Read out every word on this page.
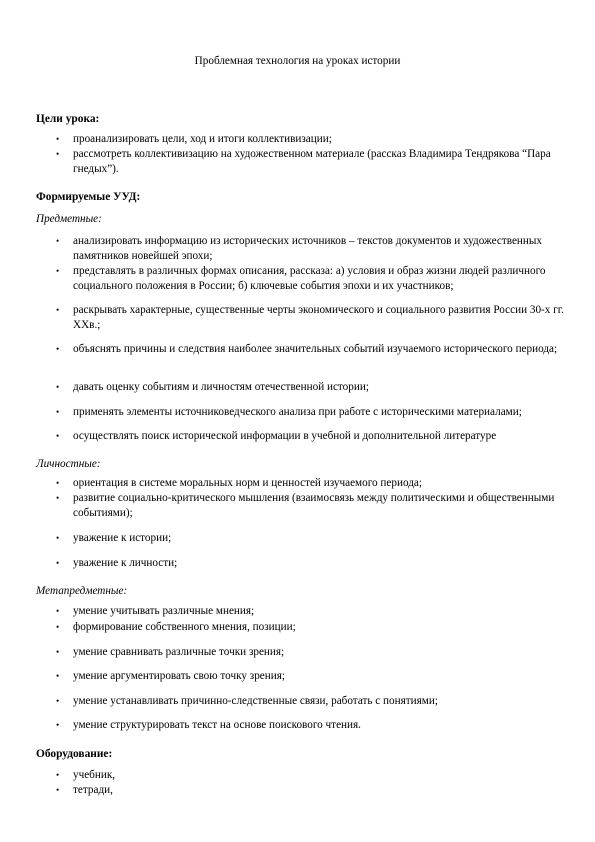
Проблемная технология на уроках истории
Цели урока:
• проанализировать цели, ход и итоги коллективизации;
• рассмотреть коллективизацию на художественном материале (рассказ Владимира Тендрякова “Пара гнедых”).
Формируемые УУД:
Предметные:
• анализировать информацию из исторических источников – текстов документов и художественных памятников новейшей эпохи;
• представлять в различных формах описания, рассказа: а) условия и образ жизни людей различного социального положения в России; б) ключевые события эпохи и их участников;
• раскрывать характерные, существенные черты экономического и социального развития России 30-х гг. ХХв.;
• объяснять причины и следствия наиболее значительных событий изучаемого исторического периода;
• давать оценку событиям и личностям отечественной истории;
• применять элементы источниковедческого анализа при работе с историческими материалами;
• осуществлять поиск исторической информации в учебной и дополнительной литературе
Личностные:
• ориентация в системе моральных норм и ценностей изучаемого периода;
• развитие социально-критического мышления (взаимосвязь между политическими и общественными событиями);
• уважение к истории;
• уважение к личности;
Метапредметные:
• умение учитывать различные мнения;
• формирование собственного мнения, позиции;
• умение сравнивать различные точки зрения;
• умение аргументировать свою точку зрения;
• умение устанавливать причинно-следственные связи, работать с понятиями;
• умение структурировать текст на основе поискового чтения.
Оборудование:
• учебник,
• тетради,
